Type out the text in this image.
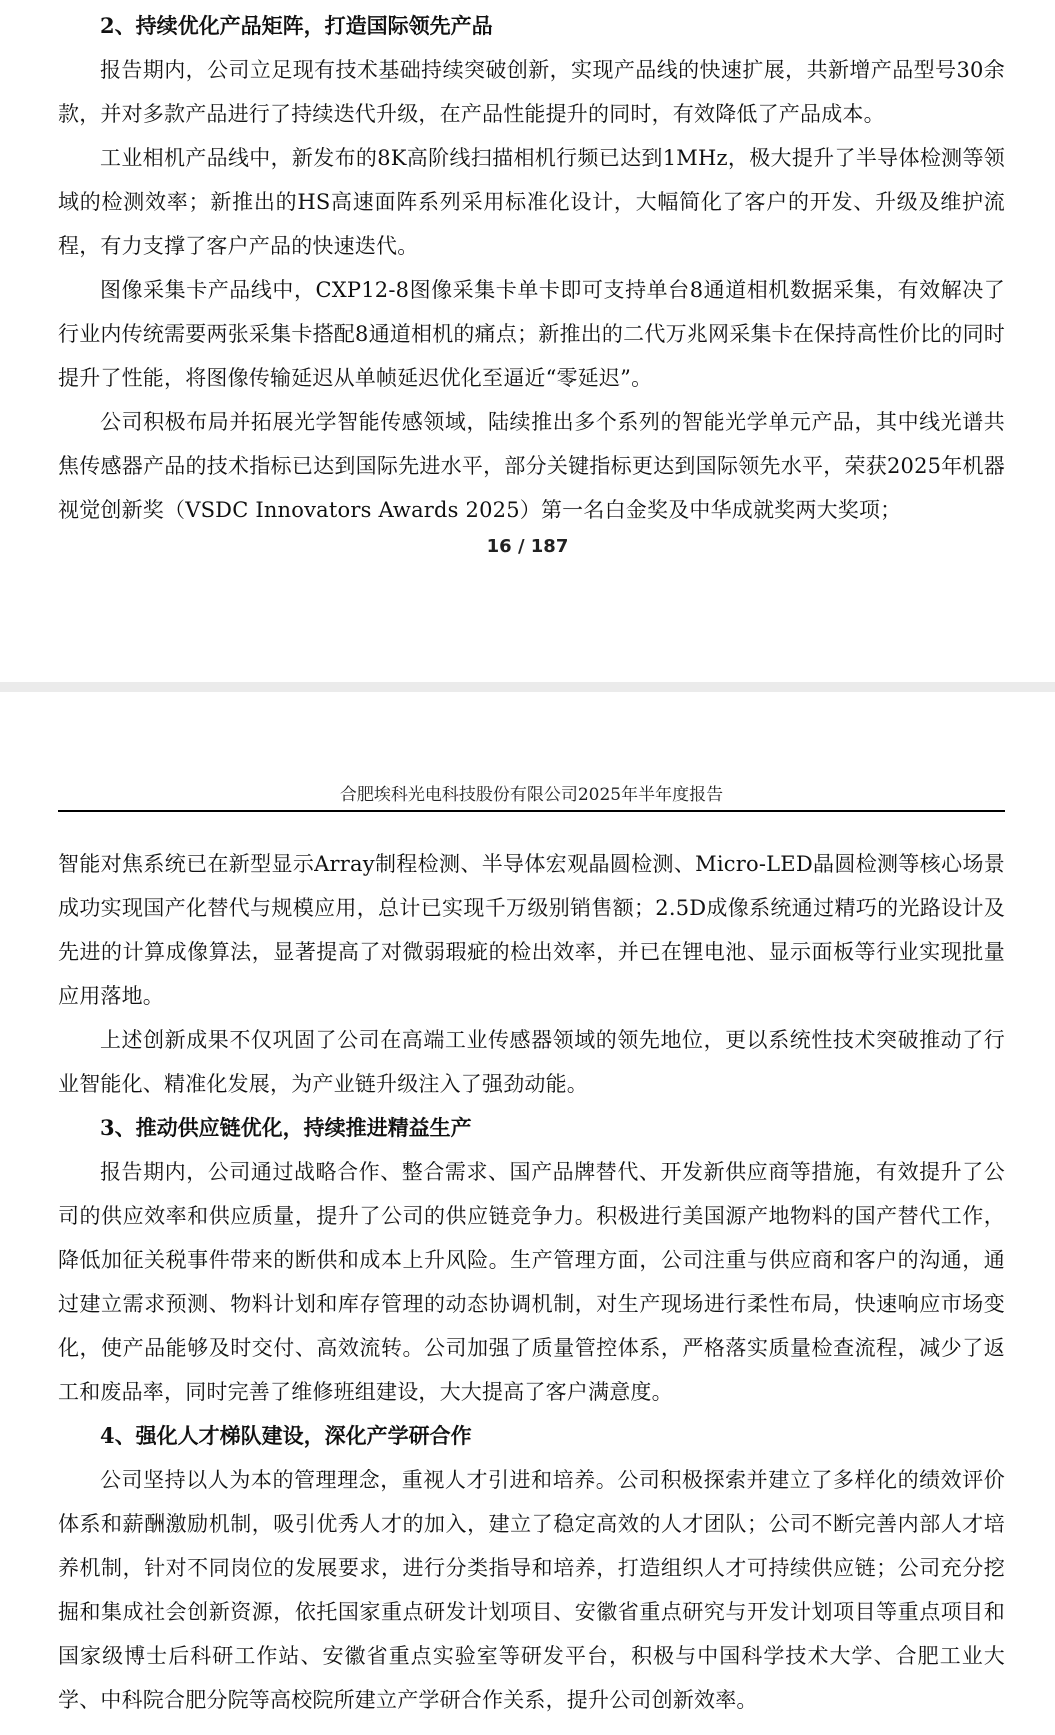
2、持续优化产品矩阵，打造国际领先产品

报告期内，公司立足现有技术基础持续突破创新，实现产品线的快速扩展，共新增产品型号30余款，并对多款产品进行了持续迭代升级，在产品性能提升的同时，有效降低了产品成本。

工业相机产品线中，新发布的8K高阶线扫描相机行频已达到1MHz，极大提升了半导体检测等领域的检测效率；新推出的HS高速面阵系列采用标准化设计，大幅简化了客户的开发、升级及维护流程，有力支撑了客户产品的快速迭代。

图像采集卡产品线中，CXP12-8图像采集卡单卡即可支持单台8通道相机数据采集，有效解决了行业内传统需要两张采集卡搭配8通道相机的痛点；新推出的二代万兆网采集卡在保持高性价比的同时提升了性能，将图像传输延迟从单帧延迟优化至逼近“零延迟”。

公司积极布局并拓展光学智能传感领域，陆续推出多个系列的智能光学单元产品，其中线光谱共焦传感器产品的技术指标已达到国际先进水平，部分关键指标更达到国际领先水平，荣获2025年机器视觉创新奖（VSDC Innovators Awards 2025）第一名白金奖及中华成就奖两大奖项；

16 / 187
合肥埃科光电科技股份有限公司2025年半年度报告

智能对焦系统已在新型显示Array制程检测、半导体宏观晶圆检测、Micro-LED晶圆检测等核心场景成功实现国产化替代与规模应用，总计已实现千万级别销售额；2.5D成像系统通过精巧的光路设计及先进的计算成像算法，显著提高了对微弱瑕疵的检出效率，并已在锂电池、显示面板等行业实现批量应用落地。

上述创新成果不仅巩固了公司在高端工业传感器领域的领先地位，更以系统性技术突破推动了行业智能化、精准化发展，为产业链升级注入了强劲动能。

3、推动供应链优化，持续推进精益生产

报告期内，公司通过战略合作、整合需求、国产品牌替代、开发新供应商等措施，有效提升了公司的供应效率和供应质量，提升了公司的供应链竞争力。积极进行美国源产地物料的国产替代工作，降低加征关税事件带来的断供和成本上升风险。生产管理方面，公司注重与供应商和客户的沟通，通过建立需求预测、物料计划和库存管理的动态协调机制，对生产现场进行柔性布局，快速响应市场变化，使产品能够及时交付、高效流转。公司加强了质量管控体系，严格落实质量检查流程，减少了返工和废品率，同时完善了维修班组建设，大大提高了客户满意度。

4、强化人才梯队建设，深化产学研合作

公司坚持以人为本的管理理念，重视人才引进和培养。公司积极探索并建立了多样化的绩效评价体系和薪酬激励机制，吸引优秀人才的加入，建立了稳定高效的人才团队；公司不断完善内部人才培养机制，针对不同岗位的发展要求，进行分类指导和培养，打造组织人才可持续供应链；公司充分挖掘和集成社会创新资源，依托国家重点研发计划项目、安徽省重点研究与开发计划项目等重点项目和国家级博士后科研工作站、安徽省重点实验室等研发平台，积极与中国科学技术大学、合肥工业大学、中科院合肥分院等高校院所建立产学研合作关系，提升公司创新效率。
